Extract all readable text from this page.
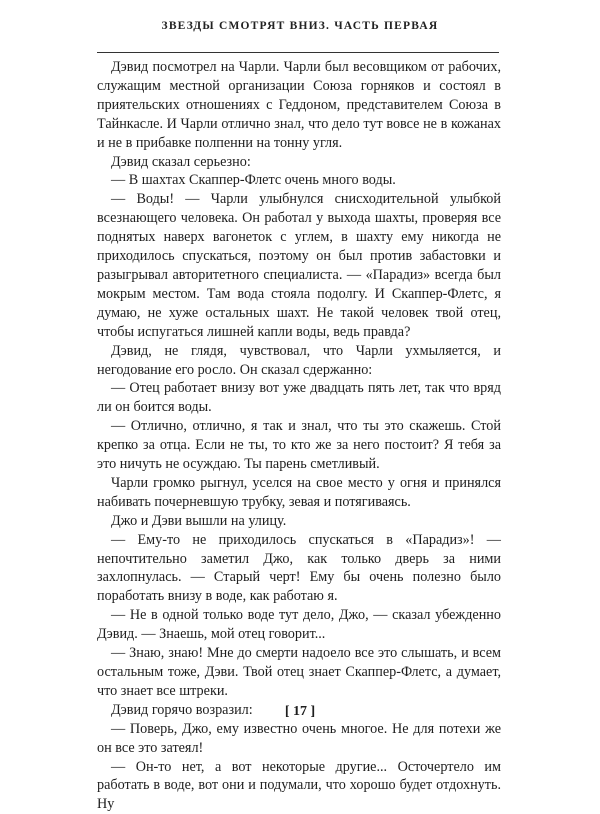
ЗВЕЗДЫ СМОТРЯТ ВНИЗ. ЧАСТЬ ПЕРВАЯ

Дэвид посмотрел на Чарли. Чарли был весовщиком от рабочих, служащим местной организации Союза горняков и состоял в приятельских отношениях с Геддоном, представителем Союза в Тайнкасле. И Чарли отлично знал, что дело тут вовсе не в кожанах и не в прибавке полпенни на тонну угля.

Дэвид сказал серьезно:

— В шахтах Скаппер-Флетс очень много воды.

— Воды! — Чарли улыбнулся снисходительной улыбкой всезнающего человека. Он работал у выхода шахты, проверяя все поднятых наверх вагонеток с углем, в шахту ему никогда не приходилось спускаться, поэтому он был против забастовки и разыгрывал авторитетного специалиста. — «Парадиз» всегда был мокрым местом. Там вода стояла подолгу. И Скаппер-Флетс, я думаю, не хуже остальных шахт. Не такой человек твой отец, чтобы испугаться лишней капли воды, ведь правда?

Дэвид, не глядя, чувствовал, что Чарли ухмыляется, и негодование его росло. Он сказал сдержанно:

— Отец работает внизу вот уже двадцать пять лет, так что вряд ли он боится воды.

— Отлично, отлично, я так и знал, что ты это скажешь. Стой крепко за отца. Если не ты, то кто же за него постоит? Я тебя за это ничуть не осуждаю. Ты парень сметливый.

Чарли громко рыгнул, уселся на свое место у огня и принялся набивать почерневшую трубку, зевая и потягиваясь.

Джо и Дэви вышли на улицу.

— Ему-то не приходилось спускаться в «Парадиз»! — непочтительно заметил Джо, как только дверь за ними захлопнулась. — Старый черт! Ему бы очень полезно было поработать внизу в воде, как работаю я.

— Не в одной только воде тут дело, Джо, — сказал убежденно Дэвид. — Знаешь, мой отец говорит...

— Знаю, знаю! Мне до смерти надоело все это слышать, и всем остальным тоже, Дэви. Твой отец знает Скаппер-Флетс, а думает, что знает все штреки.

Дэвид горячо возразил:

— Поверь, Джо, ему известно очень многое. Не для потехи же он все это затеял!

— Он-то нет, а вот некоторые другие... Осточертело им работать в воде, вот они и подумали, что хорошо будет отдохнуть. Ну

[ 17 ]
